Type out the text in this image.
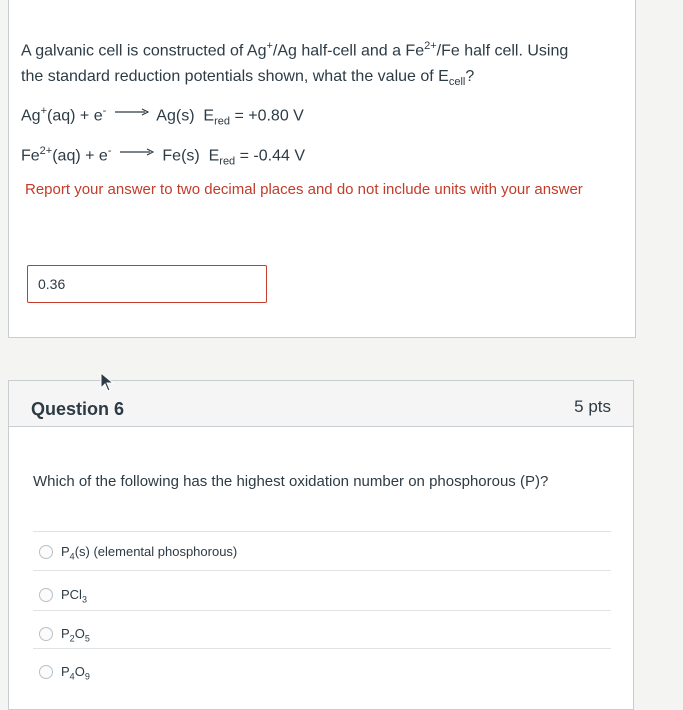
A galvanic cell is constructed of Ag+/Ag half-cell and a $Fe^{2+}/Fe$ half cell. Using
the standard reduction potentials shown, what the value of $E_{cell}$?
Ag+(aq) + e- → Ag(s) $E_{red} = +0.80$ V
$Fe^{2+}(aq) + e^- \to Fe(s) E_{red} = -0.44$ V
Report your answer to two decimal places and do not include units with your answer
0.36
Question 6	5 pts
Which of the following has the highest oxidation number on phosphorous (P)?
$P_4(s)$ (elemental phosphorous)
PCl$_3$
$P_2O_5$
$P_4O_9$
